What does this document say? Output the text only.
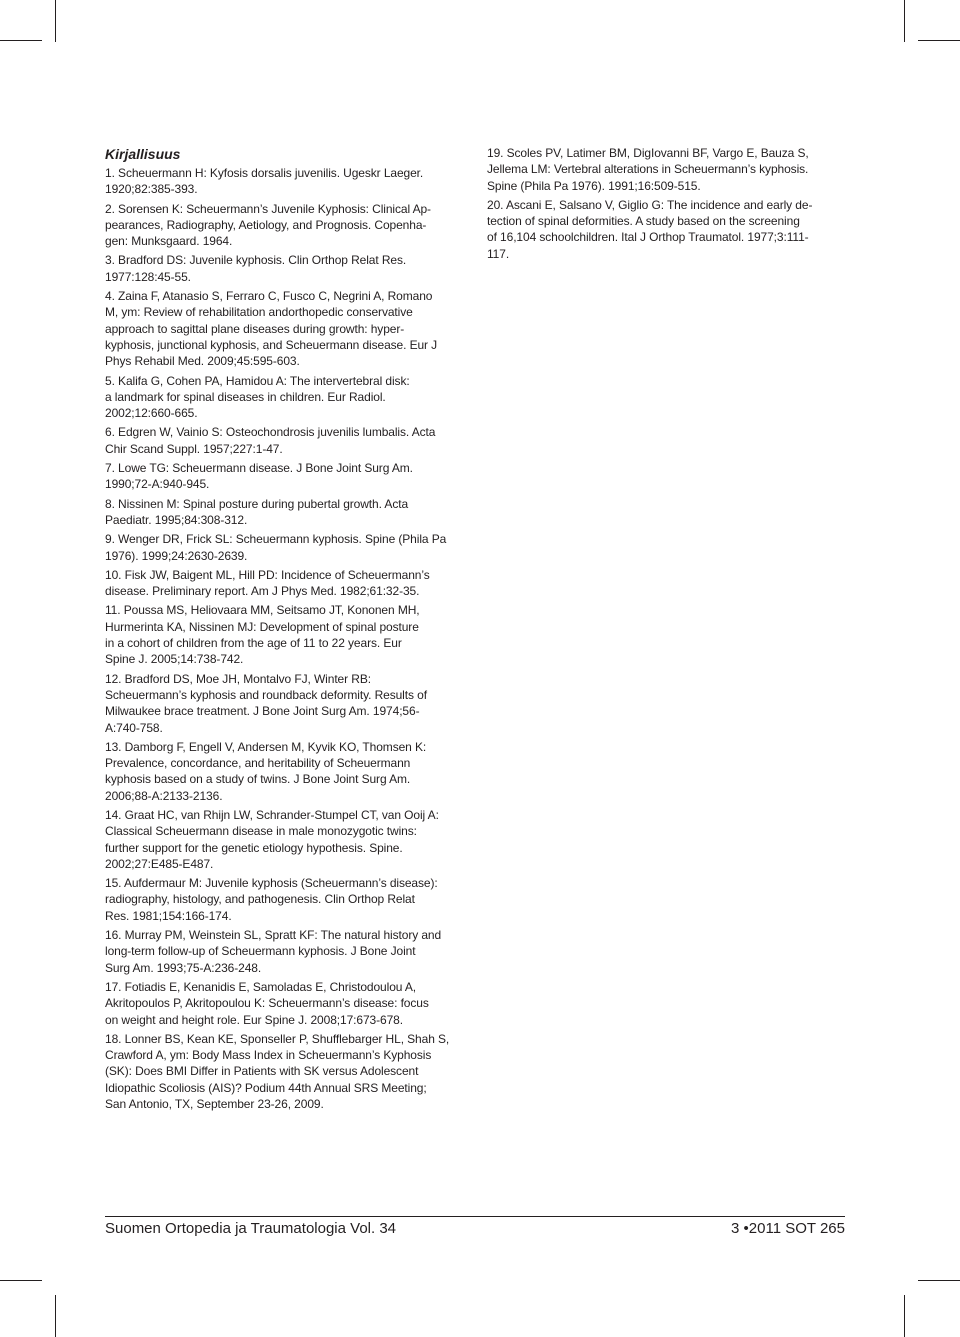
Kirjallisuus
1. Scheuermann H: Kyfosis dorsalis juvenilis. Ugeskr Laeger.
1920;82:385-393.
2. Sorensen K: Scheuermann’s Juvenile Kyphosis: Clinical Ap-
pearances, Radiography, Aetiology, and Prognosis. Copenha-
gen: Munksgaard. 1964.
3. Bradford DS: Juvenile kyphosis. Clin Orthop Relat Res.
1977:128:45-55.
4. Zaina F, Atanasio S, Ferraro C, Fusco C, Negrini A, Romano
M, ym: Review of rehabilitation andorthopedic conservative
approach to sagittal plane diseases during growth: hyper-
kyphosis, junctional kyphosis, and Scheuermann disease. Eur J
Phys Rehabil Med. 2009;45:595-603.
5. Kalifa G, Cohen PA, Hamidou A: The intervertebral disk:
a landmark for spinal diseases in children. Eur Radiol.
2002;12:660-665.
6. Edgren W, Vainio S: Osteochondrosis juvenilis lumbalis. Acta
Chir Scand Suppl. 1957;227:1-47.
7. Lowe TG: Scheuermann disease. J Bone Joint Surg Am.
1990;72-A:940-945.
8. Nissinen M: Spinal posture during pubertal growth. Acta
Paediatr. 1995;84:308-312.
9. Wenger DR, Frick SL: Scheuermann kyphosis. Spine (Phila Pa
1976). 1999;24:2630-2639.
10. Fisk JW, Baigent ML, Hill PD: Incidence of Scheuermann’s
disease. Preliminary report. Am J Phys Med. 1982;61:32-35.
11. Poussa MS, Heliovaara MM, Seitsamo JT, Kononen MH,
Hurmerinta KA, Nissinen MJ: Development of spinal posture
in a cohort of children from the age of 11 to 22 years. Eur
Spine J. 2005;14:738-742.
12. Bradford DS, Moe JH, Montalvo FJ, Winter RB:
Scheuermann’s kyphosis and roundback deformity. Results of
Milwaukee brace treatment. J Bone Joint Surg Am. 1974;56-
A:740-758.
13. Damborg F, Engell V, Andersen M, Kyvik KO, Thomsen K:
Prevalence, concordance, and heritability of Scheuermann
kyphosis based on a study of twins. J Bone Joint Surg Am.
2006;88-A:2133-2136.
14. Graat HC, van Rhijn LW, Schrander-Stumpel CT, van Ooij A:
Classical Scheuermann disease in male monozygotic twins:
further support for the genetic etiology hypothesis. Spine.
2002;27:E485-E487.
15. Aufdermaur M: Juvenile kyphosis (Scheuermann’s disease):
radiography, histology, and pathogenesis. Clin Orthop Relat
Res. 1981;154:166-174.
16. Murray PM, Weinstein SL, Spratt KF: The natural history and
long-term follow-up of Scheuermann kyphosis. J Bone Joint
Surg Am. 1993;75-A:236-248.
17. Fotiadis E, Kenanidis E, Samoladas E, Christodoulou A,
Akritopoulos P, Akritopoulou K: Scheuermann’s disease: focus
on weight and height role. Eur Spine J. 2008;17:673-678.
18. Lonner BS, Kean KE, Sponseller P, Shufflebarger HL, Shah S,
Crawford A, ym: Body Mass Index in Scheuermann’s Kyphosis
(SK): Does BMI Differ in Patients with SK versus Adolescent
Idiopathic Scoliosis (AIS)? Podium 44th Annual SRS Meeting;
San Antonio, TX, September 23-26, 2009.
19. Scoles PV, Latimer BM, DigIovanni BF, Vargo E, Bauza S,
Jellema LM: Vertebral alterations in Scheuermann’s kyphosis.
Spine (Phila Pa 1976). 1991;16:509-515.
20. Ascani E, Salsano V, Giglio G: The incidence and early de-
tection of spinal deformities. A study based on the screening
of 16,104 schoolchildren. Ital J Orthop Traumatol. 1977;3:111-
117.
Suomen Ortopedia ja Traumatologia Vol. 34	3 •2011 SOT 265
